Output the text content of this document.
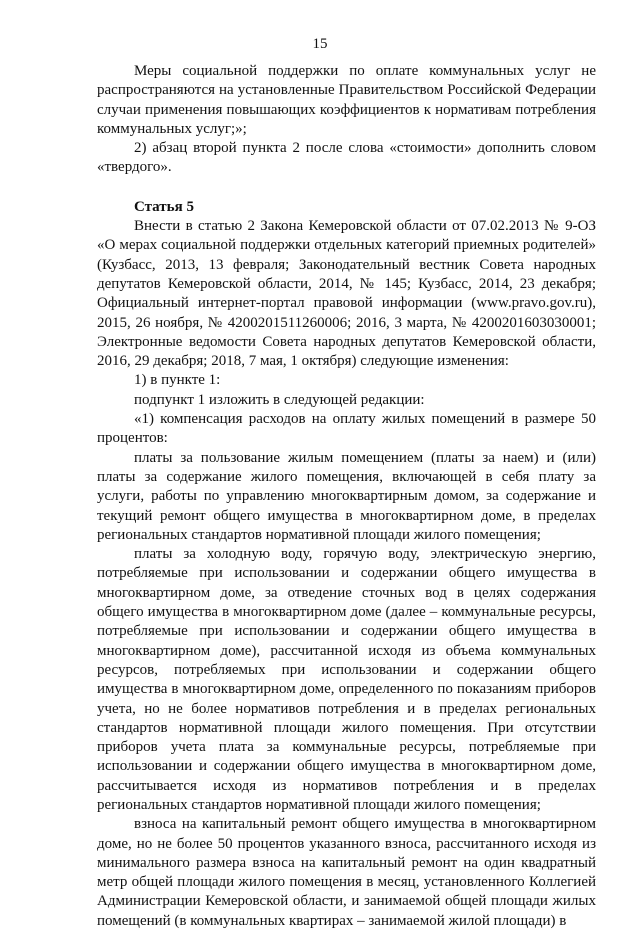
15

Меры социальной поддержки по оплате коммунальных услуг не распространяются на установленные Правительством Российской Федерации случаи применения повышающих коэффициентов к нормативам потребления коммунальных услуг;»;

2) абзац второй пункта 2 после слова «стоимости» дополнить словом «твердого».

Статья 5

Внести в статью 2 Закона Кемеровской области от 07.02.2013 № 9-ОЗ «О мерах социальной поддержки отдельных категорий приемных родителей» (Кузбасс, 2013, 13 февраля; Законодательный вестник Совета народных депутатов Кемеровской области, 2014, № 145; Кузбасс, 2014, 23 декабря; Официальный интернет-портал правовой информации (www.pravo.gov.ru), 2015, 26 ноября, № 4200201511260006; 2016, 3 марта, № 4200201603030001; Электронные ведомости Совета народных депутатов Кемеровской области, 2016, 29 декабря; 2018, 7 мая, 1 октября) следующие изменения:

1) в пункте 1:

подпункт 1 изложить в следующей редакции:

«1) компенсация расходов на оплату жилых помещений в размере 50 процентов:

платы за пользование жилым помещением (платы за наем) и (или) платы за содержание жилого помещения, включающей в себя плату за услуги, работы по управлению многоквартирным домом, за содержание и текущий ремонт общего имущества в многоквартирном доме, в пределах региональных стандартов нормативной площади жилого помещения;

платы за холодную воду, горячую воду, электрическую энергию, потребляемые при использовании и содержании общего имущества в многоквартирном доме, за отведение сточных вод в целях содержания общего имущества в многоквартирном доме (далее – коммунальные ресурсы, потребляемые при использовании и содержании общего имущества в многоквартирном доме), рассчитанной исходя из объема коммунальных ресурсов, потребляемых при использовании и содержании общего имущества в многоквартирном доме, определенного по показаниям приборов учета, но не более нормативов потребления и в пределах региональных стандартов нормативной площади жилого помещения. При отсутствии приборов учета плата за коммунальные ресурсы, потребляемые при использовании и содержании общего имущества в многоквартирном доме, рассчитывается исходя из нормативов потребления и в пределах региональных стандартов нормативной площади жилого помещения;

взноса на капитальный ремонт общего имущества в многоквартирном доме, но не более 50 процентов указанного взноса, рассчитанного исходя из минимального размера взноса на капитальный ремонт на один квадратный метр общей площади жилого помещения в месяц, установленного Коллегией Администрации Кемеровской области, и занимаемой общей площади жилых помещений (в коммунальных квартирах – занимаемой жилой площади) в
